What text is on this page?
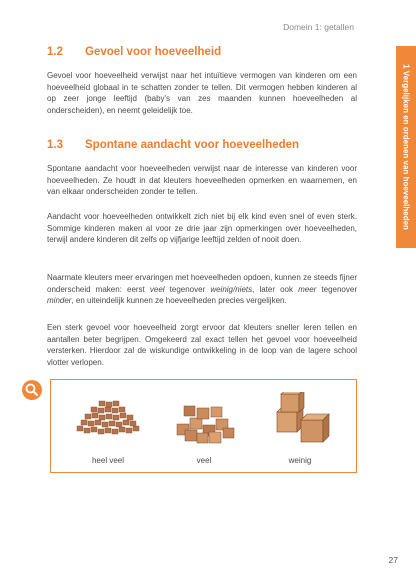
Domein 1: getallen
1 Vergelijken en ordenen van hoeveelheden
1.2 Gevoel voor hoeveelheid

Gevoel voor hoeveelheid verwijst naar het intuïtieve vermogen van kinderen om een hoeveelheid globaal in te schatten zonder te tellen. Dit vermogen hebben kinderen al op zeer jonge leeftijd (baby's van zes maanden kunnen hoeveelheden al onderscheiden), en neemt geleidelijk toe.

1.3 Spontane aandacht voor hoeveelheden

Spontane aandacht voor hoeveelheden verwijst naar de interesse van kinderen voor hoeveelheden. Ze houdt in dat kleuters hoeveelheden opmerken en waarnemen, en van elkaar onderscheiden zonder te tellen.

Aandacht voor hoeveelheden ontwikkelt zich niet bij elk kind even snel of even sterk. Sommige kinderen maken al voor ze drie jaar zijn opmerkingen over hoeveelheden, terwijl andere kinderen dit zelfs op vijfjarige leeftijd zelden of nooit doen.

Naarmate kleuters meer ervaringen met hoeveelheden opdoen, kunnen ze steeds fijner onderscheid maken: eerst veel tegenover weinig/niets, later ook meer tegenover minder, en uiteindelijk kunnen ze hoeveelheden precies vergelijken.

Een sterk gevoel voor hoeveelheid zorgt ervoor dat kleuters sneller leren tellen en aantallen beter begrijpen. Omgekeerd zal exact tellen het gevoel voor hoeveelheid versterken. Hierdoor zal de wiskundige ontwikkeling in de loop van de lagere school vlotter verlopen.

heel veel	veel	weinig
27
